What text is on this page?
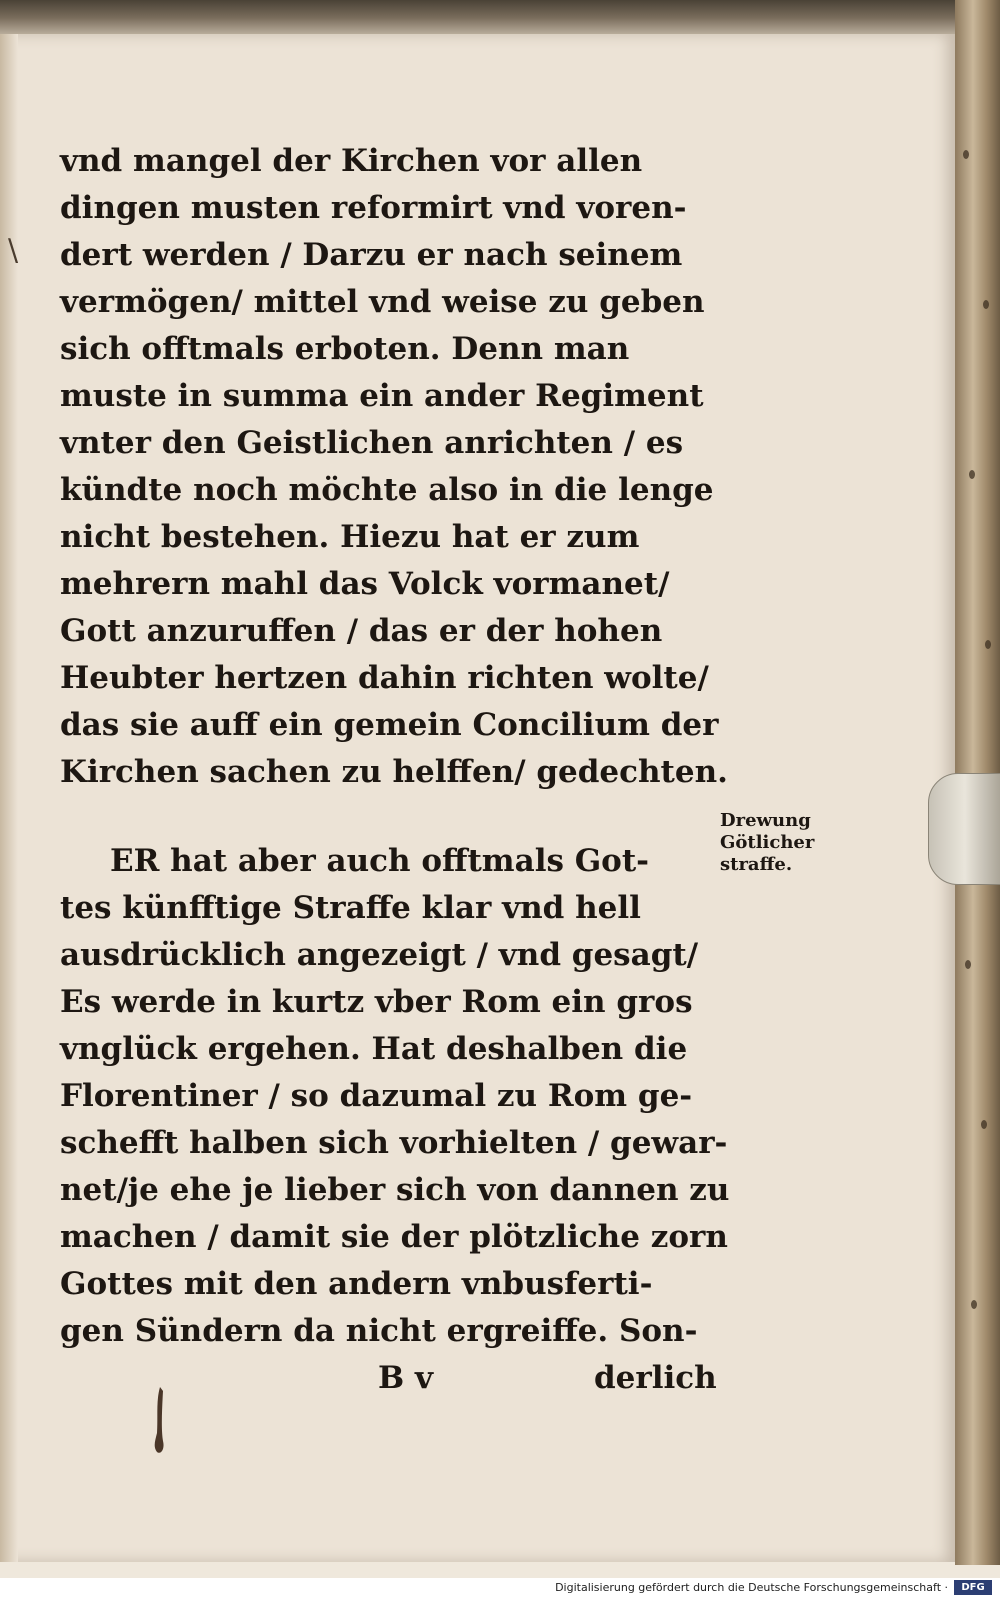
\
vnd mangel der Kirchen vor allen
dingen musten reformirt vnd voren-
dert werden / Darzu er nach seinem
vermögen/ mittel vnd weise zu geben
sich offtmals erboten. Denn man
muste in summa ein ander Regiment
vnter den Geistlichen anrichten / es
kündte noch möchte also in die lenge
nicht bestehen. Hiezu hat er zum
mehrern mahl das Volck vormanet/
Gott anzuruffen / das er der hohen
Heubter hertzen dahin richten wolte/
das sie auff ein gemein Concilium der
Kirchen sachen zu helffen/ gedechten.
ER hat aber auch offtmals Got-
tes künfftige Straffe klar vnd hell
ausdrücklich angezeigt / vnd gesagt/
Es werde in kurtz vber Rom ein gros
vnglück ergehen. Hat deshalben die
Florentiner / so dazumal zu Rom ge-
schefft halben sich vorhielten / gewar-
net/je ehe je lieber sich von dannen zu
machen / damit sie der plötzliche zorn
Gottes mit den andern vnbusferti-
gen Sündern da nicht ergreiffe. Son-
B v	derlich
Drewung
Götlicher
straffe.
Digitalisierung gefördert durch die Deutsche Forschungsgemeinschaft ·	DFG
